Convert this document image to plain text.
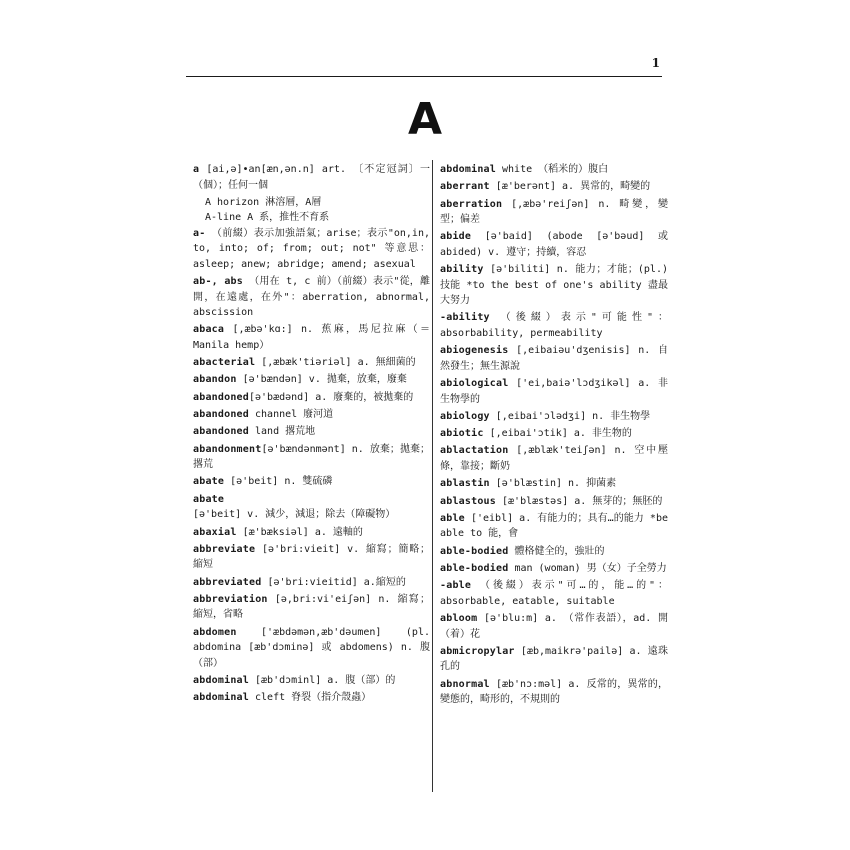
1
A
a [ai,ə]∙an[æn,ən.n] art. 〔不定冠詞〕一（個）；任何一個
A horizon 淋溶層，A層
A-line A 系，推性不育系
a- （前綴）表示加強語氣；arise；表示"on,in, to, into; of; from; out; not" 等意思：asleep; anew; abridge; amend; asexual
ab-, abs （用在 t, c 前）（前綴）表示"從，離開，在遠處，在外"：aberration, abnormal, abscission
abaca [,æbə'kɑ:] n. 蕉麻，馬尼拉麻（＝Manila hemp）
abacterial [,æbæk'tiəriəl] a. 無細菌的
abandon [ə'bændən] v. 拋棄，放棄，廢棄
abandoned[ə'bædənd] a. 廢棄的，被拋棄的
abandoned channel 廢河道
abandoned land 撂荒地
abandonment[ə'bændənmənt] n. 放棄；拋棄；撂荒
abate [ə'beit] n. 雙硫磷
abate [ə'beit] v. 減少，減退；除去（障礙物）
abaxial [æ'bæksiəl] a. 遠軸的
abbreviate [ə'bri:vieit] v. 縮寫；簡略；縮短
abbreviated [ə'bri:vieitid] a.縮短的
abbreviation [ə,bri:vi'eiʃən] n. 縮寫；縮短，省略
abdomen ['æbdəmən,æb'dəumen] (pl. abdomina [æb'dɔminə] 或 abdomens) n. 腹（部）
abdominal [æb'dɔminl] a. 腹（部）的
abdominal cleft 脊裂（指介殼蟲）
abdominal white （稻米的）腹白
aberrant [æ'berənt] a. 異常的，畸變的
aberration [,æbə'reiʃən] n. 畸變，變型；偏差
abide [ə'baid] (abode [ə'bəud] 或 abided) v. 遵守；持續，容忍
ability [ə'biliti] n. 能力；才能；(pl.)技能 *to the best of one's ability 盡最大努力
-ability （後綴）表示"可能性"：absorbability, permeability
abiogenesis [,eibaiəu'dʒenisis] n. 自然發生；無生源說
abiological ['ei,baiə'lɔdʒikəl] a. 非生物學的
abiology [,eibai'ɔlədʒi] n. 非生物學
abiotic [,eibai'ɔtik] a. 非生物的
ablactation [,æblæk'teiʃən] n. 空中壓條，靠接；斷奶
ablastin [ə'blæstin] n. 抑菌素
ablastous [æ'blæstəs] a. 無芽的；無胚的
able ['eibl] a. 有能力的；具有…的能力 *be able to 能，會
able-bodied 體格健全的，強壯的
able-bodied man (woman) 男（女）子全勞力
-able （後綴）表示"可…的，能…的"：absorbable, eatable, suitable
abloom [ə'blu:m] a. （常作表語），ad. 開（着）花
abmicropylar [æb,maikrə'pailə] a. 遠珠孔的
abnormal [æb'nɔ:məl] a. 反常的，異常的，變態的，畸形的，不規則的
